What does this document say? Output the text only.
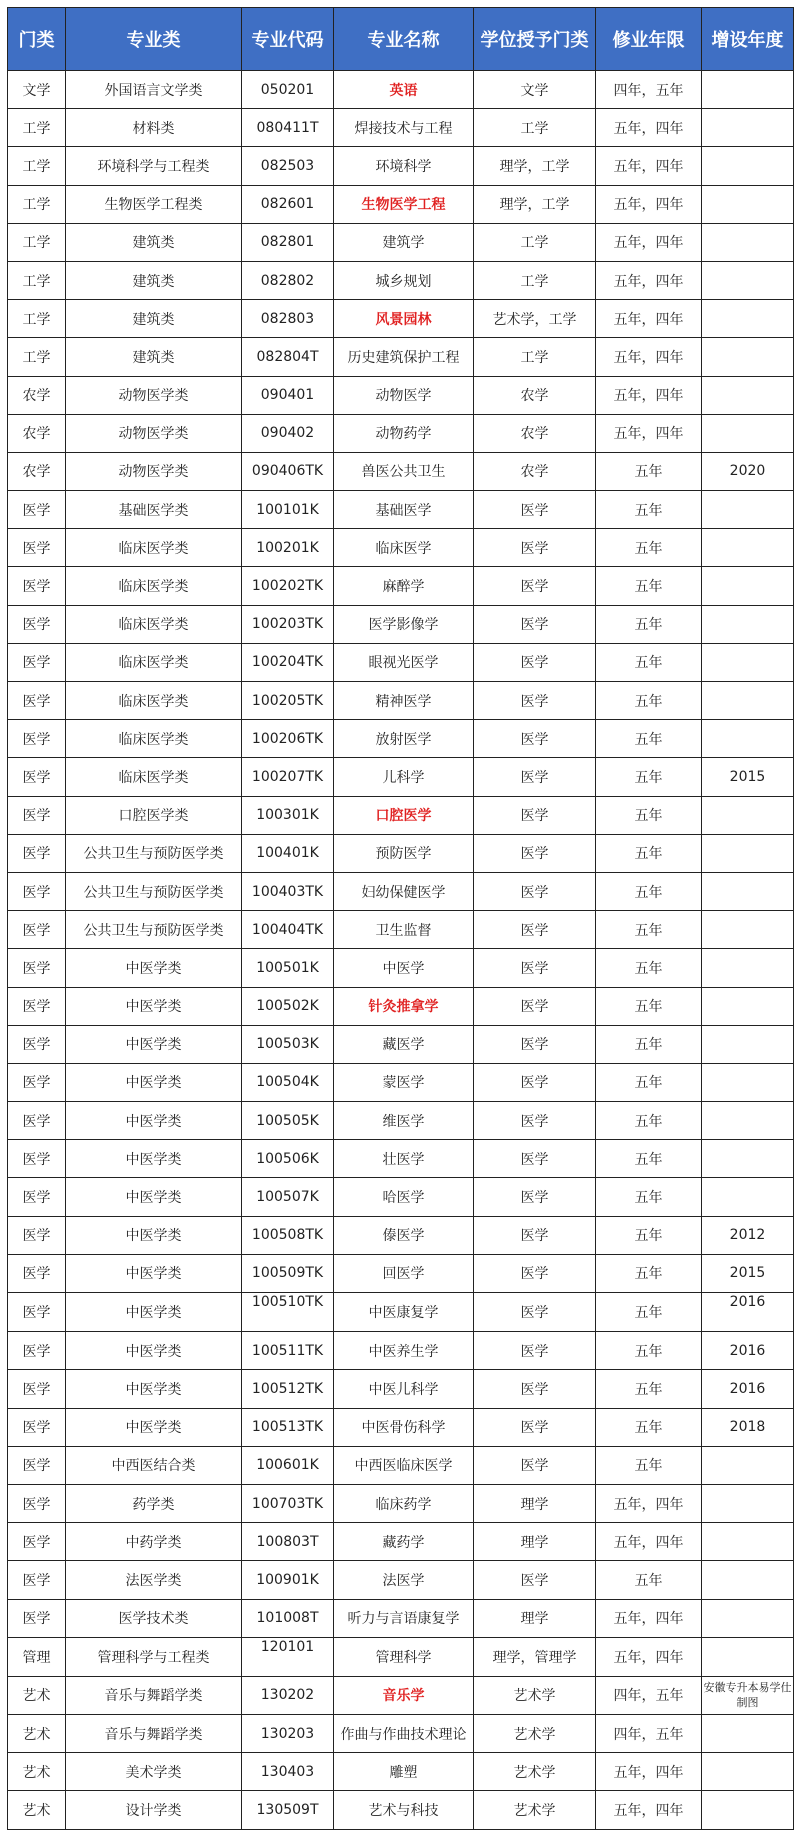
门类	专业类	专业代码	专业名称	学位授予门类	修业年限	增设年度
文学	外国语言文学类	050201	英语	文学	四年，五年	
工学	材料类	080411T	焊接技术与工程	工学	五年，四年	
工学	环境科学与工程类	082503	环境科学	理学，工学	五年，四年	
工学	生物医学工程类	082601	生物医学工程	理学，工学	五年，四年	
工学	建筑类	082801	建筑学	工学	五年，四年	
工学	建筑类	082802	城乡规划	工学	五年，四年	
工学	建筑类	082803	风景园林	艺术学，工学	五年，四年	
工学	建筑类	082804T	历史建筑保护工程	工学	五年，四年	
农学	动物医学类	090401	动物医学	农学	五年，四年	
农学	动物医学类	090402	动物药学	农学	五年，四年	
农学	动物医学类	090406TK	兽医公共卫生	农学	五年	2020
医学	基础医学类	100101K	基础医学	医学	五年	
医学	临床医学类	100201K	临床医学	医学	五年	
医学	临床医学类	100202TK	麻醉学	医学	五年	
医学	临床医学类	100203TK	医学影像学	医学	五年	
医学	临床医学类	100204TK	眼视光医学	医学	五年	
医学	临床医学类	100205TK	精神医学	医学	五年	
医学	临床医学类	100206TK	放射医学	医学	五年	
医学	临床医学类	100207TK	儿科学	医学	五年	2015
医学	口腔医学类	100301K	口腔医学	医学	五年	
医学	公共卫生与预防医学类	100401K	预防医学	医学	五年	
医学	公共卫生与预防医学类	100403TK	妇幼保健医学	医学	五年	
医学	公共卫生与预防医学类	100404TK	卫生监督	医学	五年	
医学	中医学类	100501K	中医学	医学	五年	
医学	中医学类	100502K	针灸推拿学	医学	五年	
医学	中医学类	100503K	藏医学	医学	五年	
医学	中医学类	100504K	蒙医学	医学	五年	
医学	中医学类	100505K	维医学	医学	五年	
医学	中医学类	100506K	壮医学	医学	五年	
医学	中医学类	100507K	哈医学	医学	五年	
医学	中医学类	100508TK	傣医学	医学	五年	2012
医学	中医学类	100509TK	回医学	医学	五年	2015
医学	中医学类	100510TK	中医康复学	医学	五年	2016
医学	中医学类	100511TK	中医养生学	医学	五年	2016
医学	中医学类	100512TK	中医儿科学	医学	五年	2016
医学	中医学类	100513TK	中医骨伤科学	医学	五年	2018
医学	中西医结合类	100601K	中西医临床医学	医学	五年	
医学	药学类	100703TK	临床药学	理学	五年，四年	
医学	中药学类	100803T	藏药学	理学	五年，四年	
医学	法医学类	100901K	法医学	医学	五年	
医学	医学技术类	101008T	听力与言语康复学	理学	五年，四年	
管理	管理科学与工程类	120101	管理科学	理学，管理学	五年，四年	
艺术	音乐与舞蹈学类	130202	音乐学	艺术学	四年，五年	安徽专升本易学仕制图
艺术	音乐与舞蹈学类	130203	作曲与作曲技术理论	艺术学	四年，五年	
艺术	美术学类	130403	雕塑	艺术学	五年，四年	
艺术	设计学类	130509T	艺术与科技	艺术学	五年，四年	
